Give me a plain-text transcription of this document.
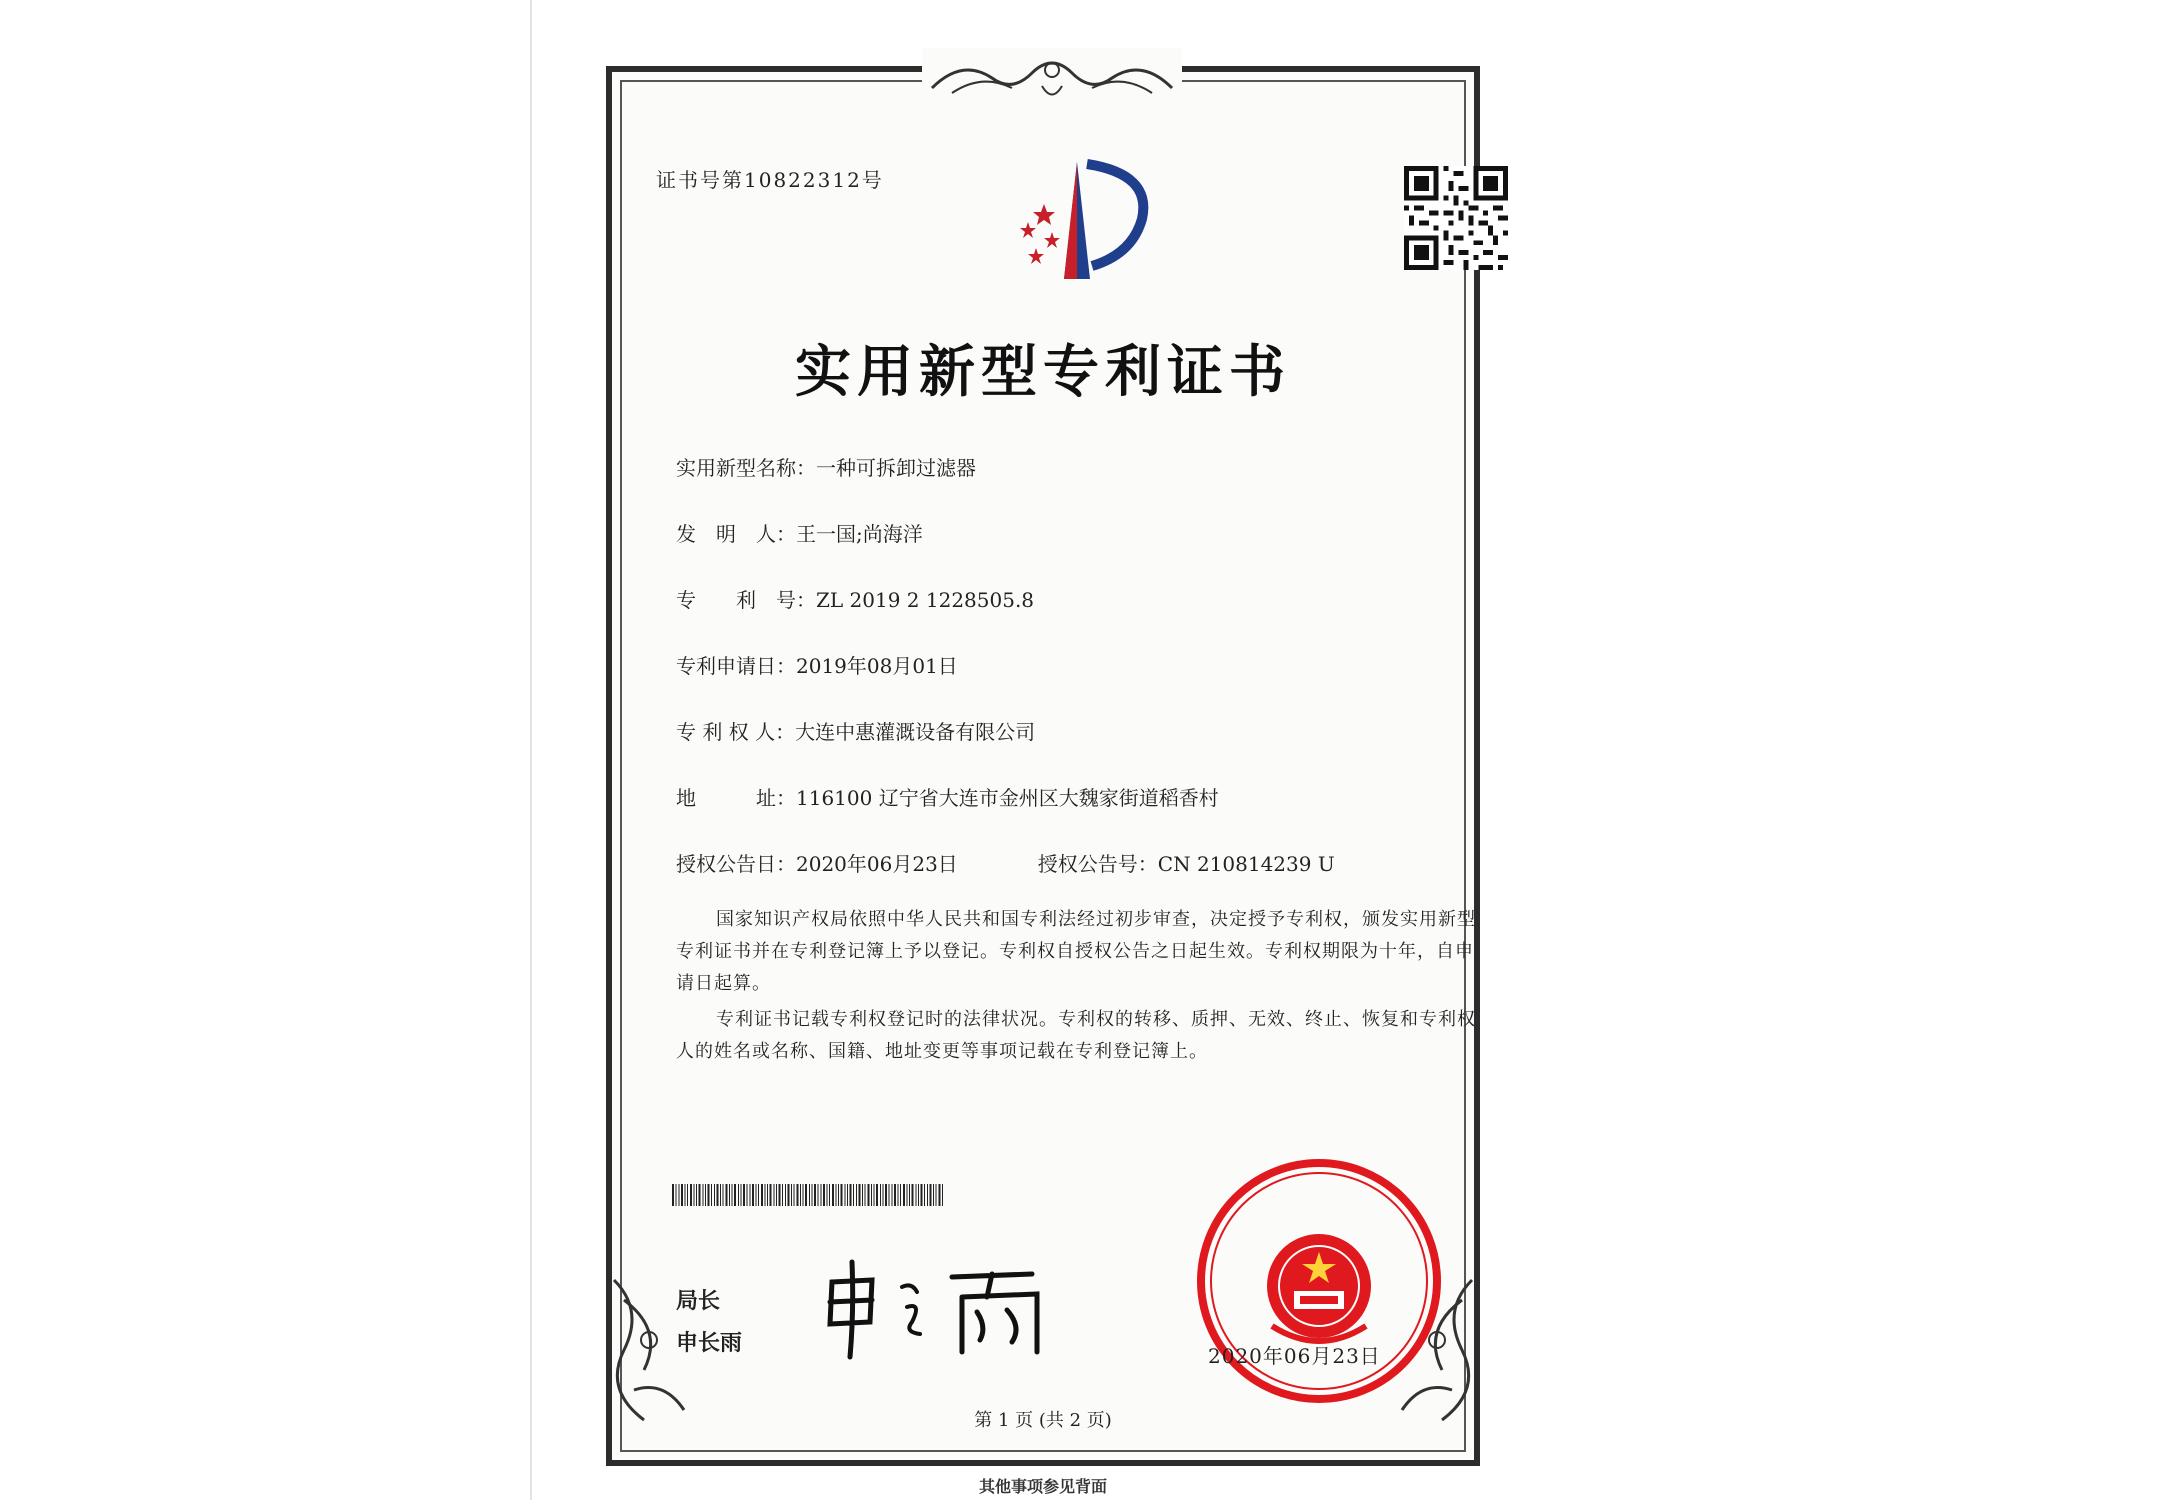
证书号第10822312号
实用新型专利证书
实用新型名称：一种可拆卸过滤器
发　明　人：王一国;尚海洋
专　　利　号：ZL 2019 2 1228505.8
专利申请日：2019年08月01日
专 利 权 人：大连中惠灌溉设备有限公司
地　　　址：116100 辽宁省大连市金州区大魏家街道稻香村
授权公告日：2020年06月23日	授权公告号：CN 210814239 U
国家知识产权局依照中华人民共和国专利法经过初步审查，决定授予专利权，颁发实用新型专利证书并在专利登记簿上予以登记。专利权自授权公告之日起生效。专利权期限为十年，自申请日起算。
专利证书记载专利权登记时的法律状况。专利权的转移、质押、无效、终止、恢复和专利权人的姓名或名称、国籍、地址变更等事项记载在专利登记簿上。
局长
申长雨	2020年06月23日
第 1 页 (共 2 页)
其他事项参见背面
